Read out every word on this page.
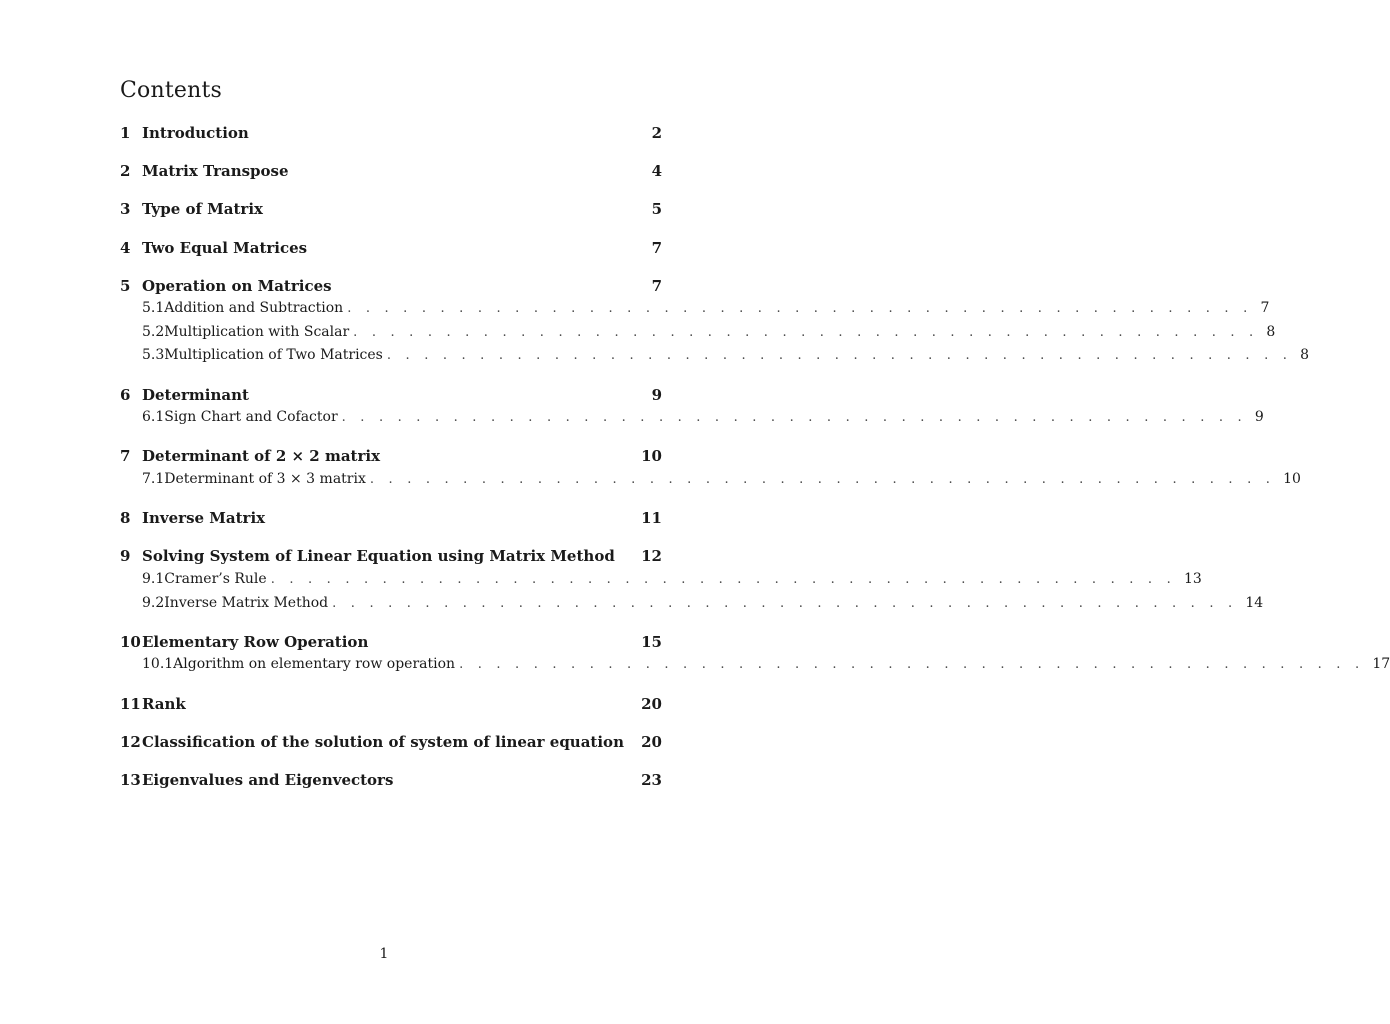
Contents
1 Introduction	2
2 Matrix Transpose	4
3 Type of Matrix	5
4 Two Equal Matrices	7
5 Operation on Matrices	7
5.1 Addition and Subtraction . . . . . . . . . . . . . . . . . . . . . . . . . . . . . . . . . . . . . . . . . . . . . . . . . 7
5.2 Multiplication with Scalar . . . . . . . . . . . . . . . . . . . . . . . . . . . . . . . . . . . . . . . . . . . . . . . . . 8
5.3 Multiplication of Two Matrices . . . . . . . . . . . . . . . . . . . . . . . . . . . . . . . . . . . . . . . . . . . . . . . . . 8
6 Determinant	9
6.1 Sign Chart and Cofactor . . . . . . . . . . . . . . . . . . . . . . . . . . . . . . . . . . . . . . . . . . . . . . . . . 9
7 Determinant of 2 × 2 matrix	10
7.1 Determinant of 3 × 3 matrix . . . . . . . . . . . . . . . . . . . . . . . . . . . . . . . . . . . . . . . . . . . . . . . . . 10
8 Inverse Matrix	11
9 Solving System of Linear Equation using Matrix Method 12
9.1 Cramer’s Rule . . . . . . . . . . . . . . . . . . . . . . . . . . . . . . . . . . . . . . . . . . . . . . . . . 13
9.2 Inverse Matrix Method . . . . . . . . . . . . . . . . . . . . . . . . . . . . . . . . . . . . . . . . . . . . . . . . . 14
10 Elementary Row Operation	15
10.1 Algorithm on elementary row operation . . . . . . . . . . . . . . . . . . . . . . . . . . . . . . . . . . . . . . . . . . . . . . . . . 17
11 Rank	20
12 Classification of the solution of system of linear equation 20
13 Eigenvalues and Eigenvectors	23
1
